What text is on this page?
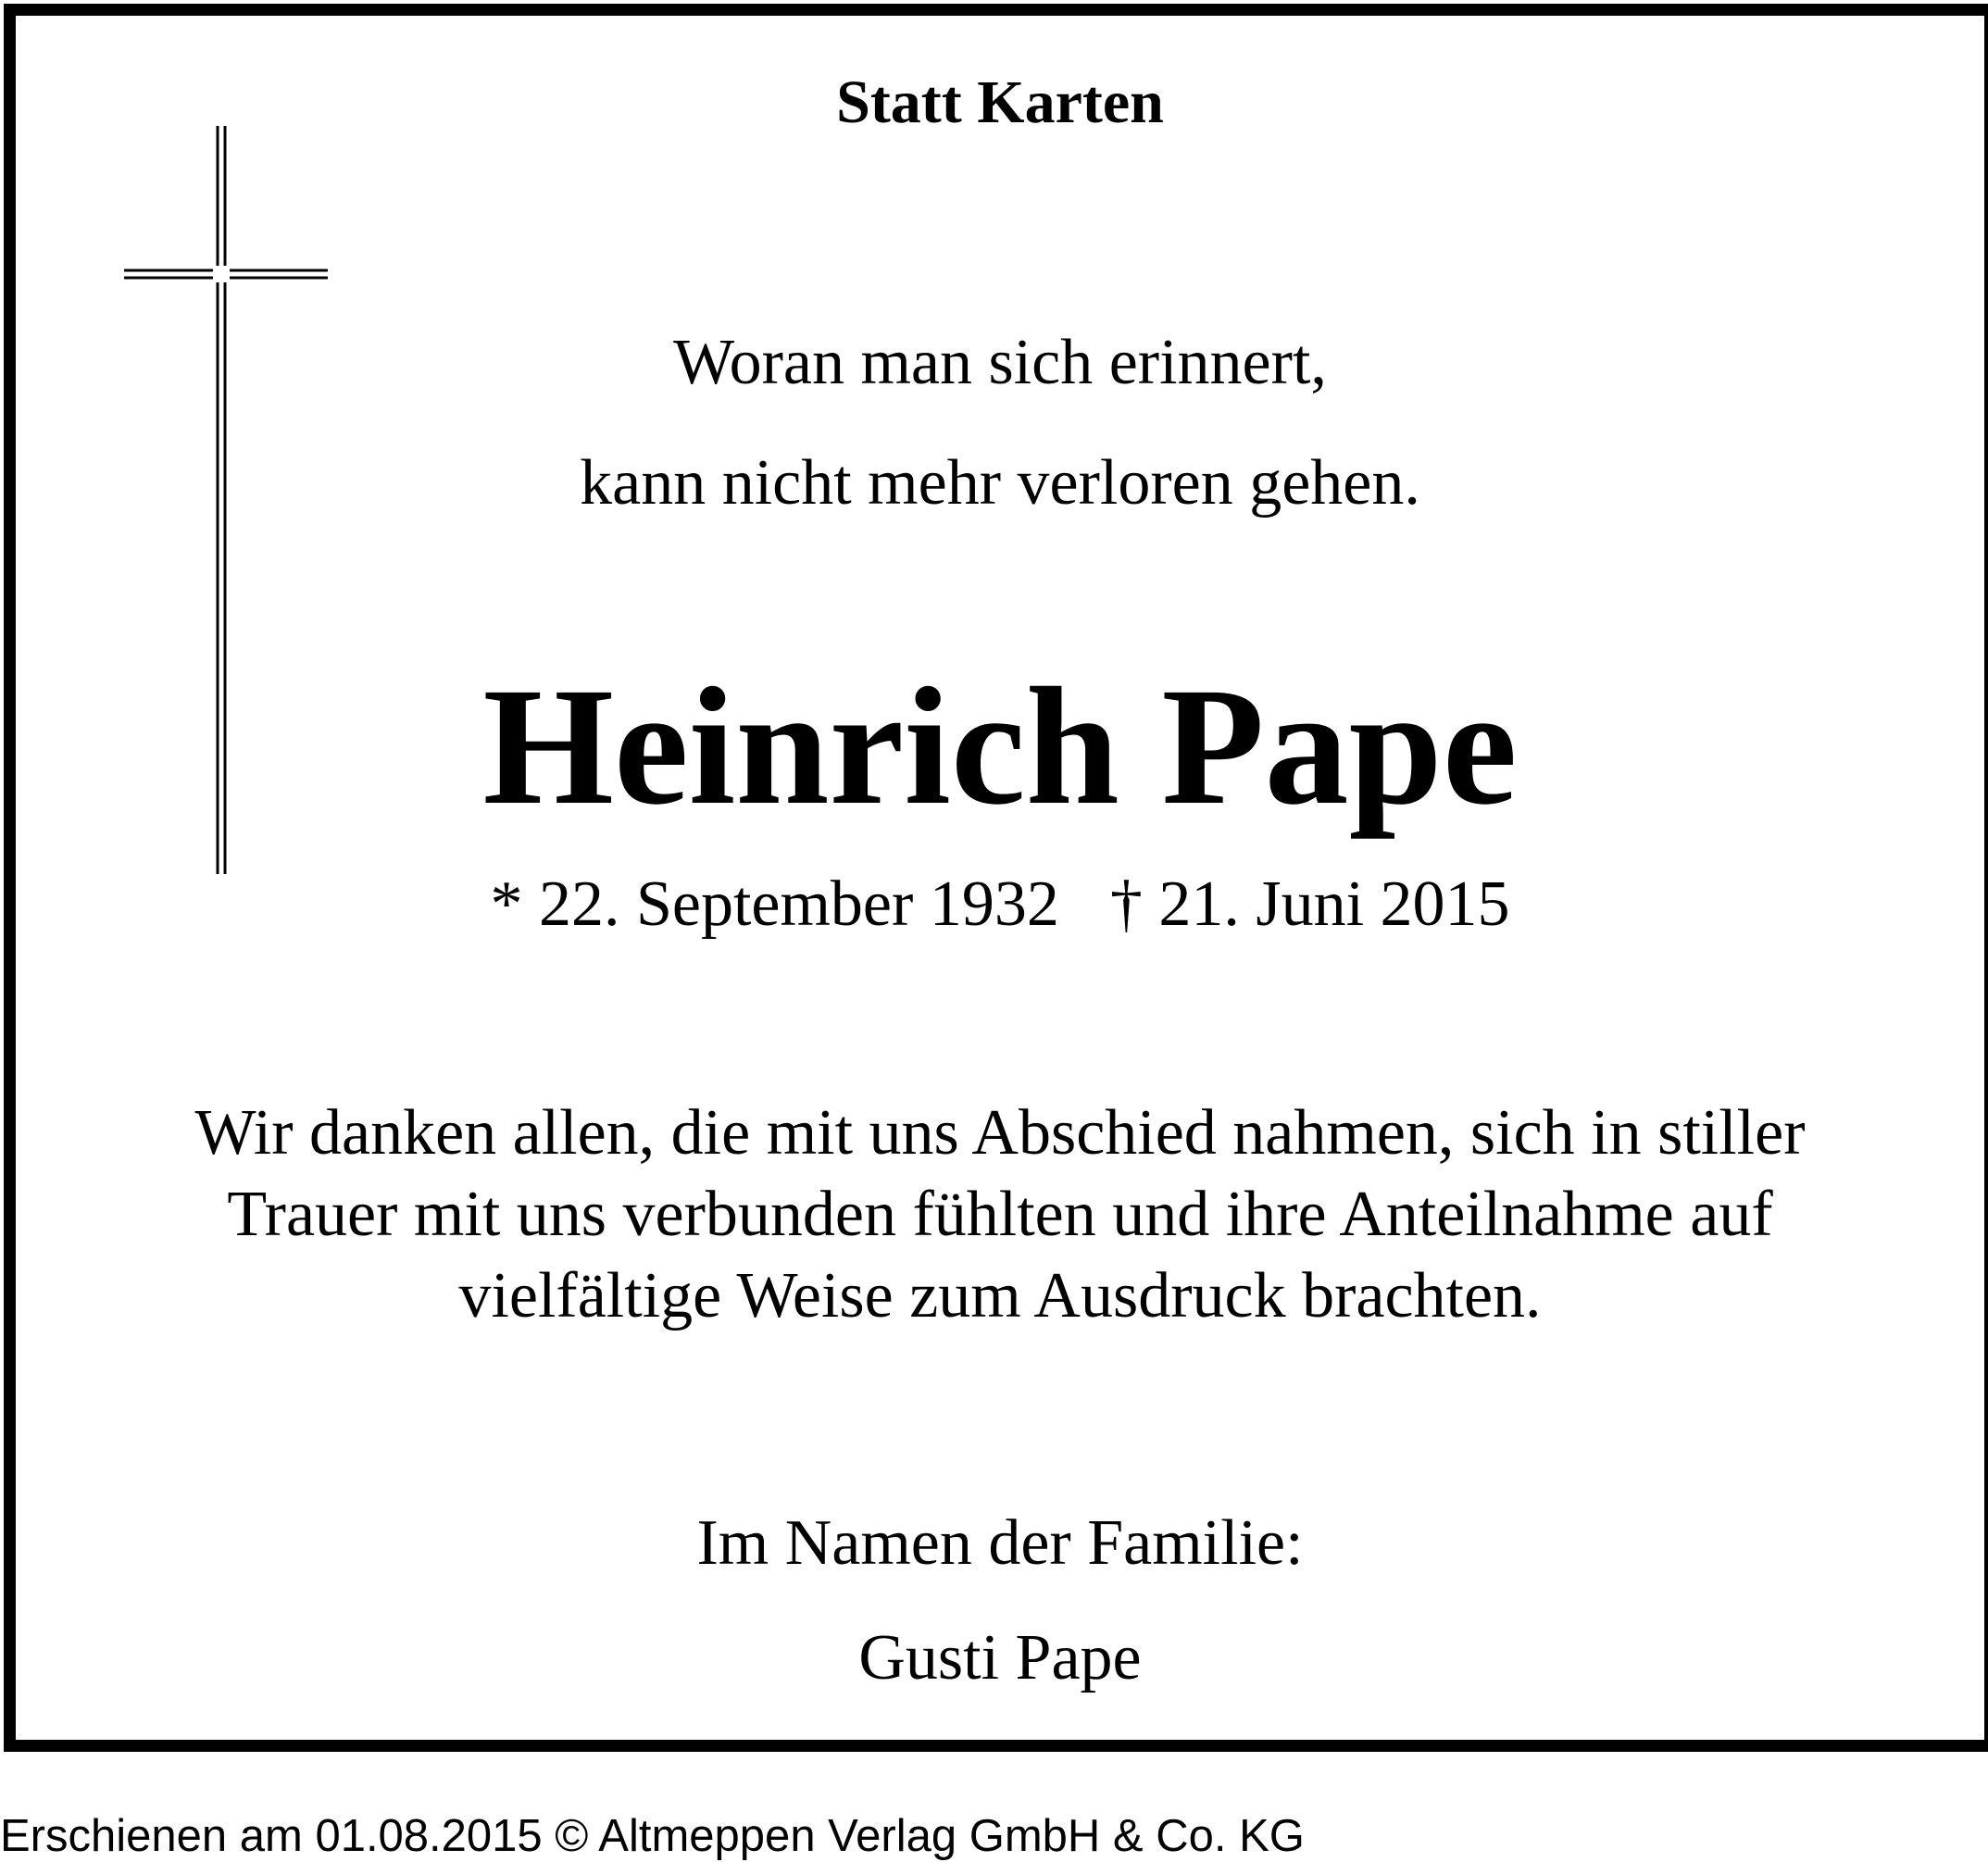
Statt Karten
Woran man sich erinnert,
kann nicht mehr verloren gehen.
Heinrich Pape
* 22. September 1932 † 21. Juni 2015
Wir danken allen, die mit uns Abschied nahmen, sich in stiller
Trauer mit uns verbunden fühlten und ihre Anteilnahme auf
vielfältige Weise zum Ausdruck brachten.
Im Namen der Familie:
Gusti Pape
Erschienen am 01.08.2015 © Altmeppen Verlag GmbH & Co. KG
